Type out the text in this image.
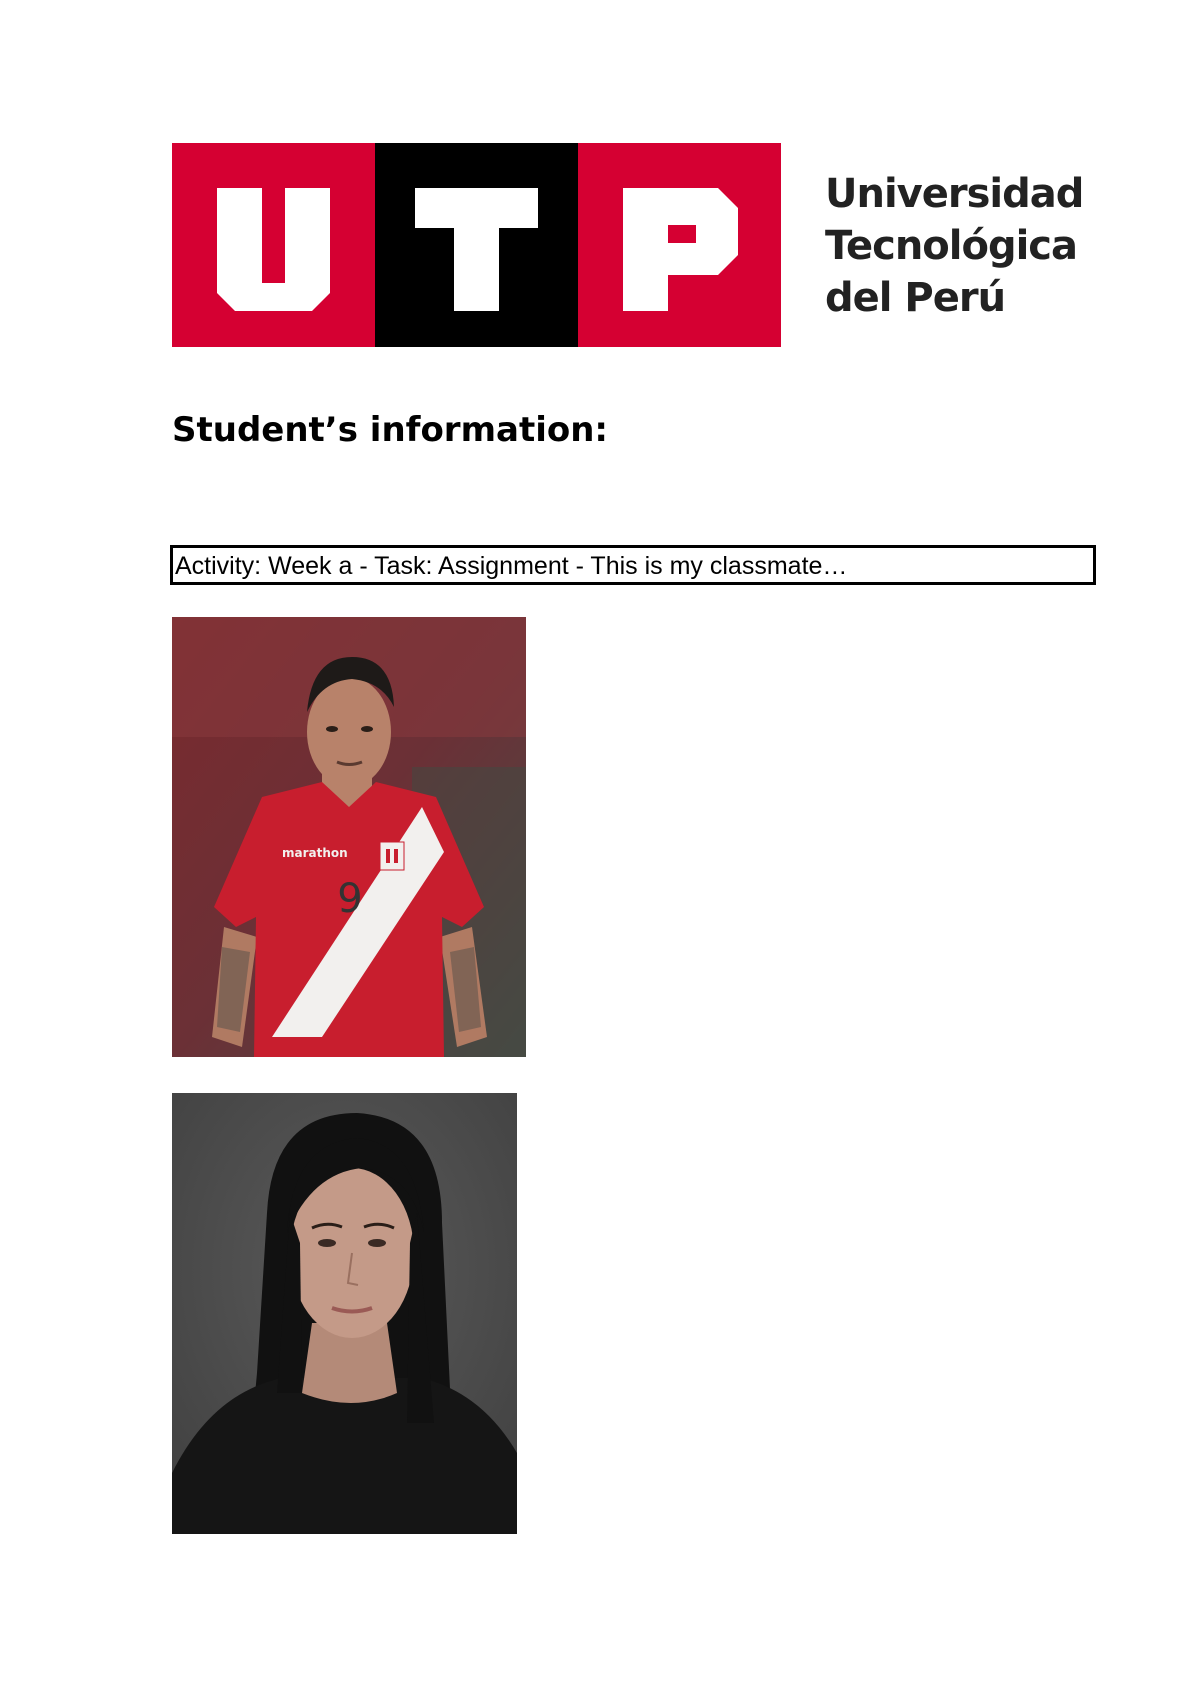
Universidad
Tecnológica
del Perú
Student’s information:
Activity: Week a - Task: Assignment - This is my classmate…
9
marathon
